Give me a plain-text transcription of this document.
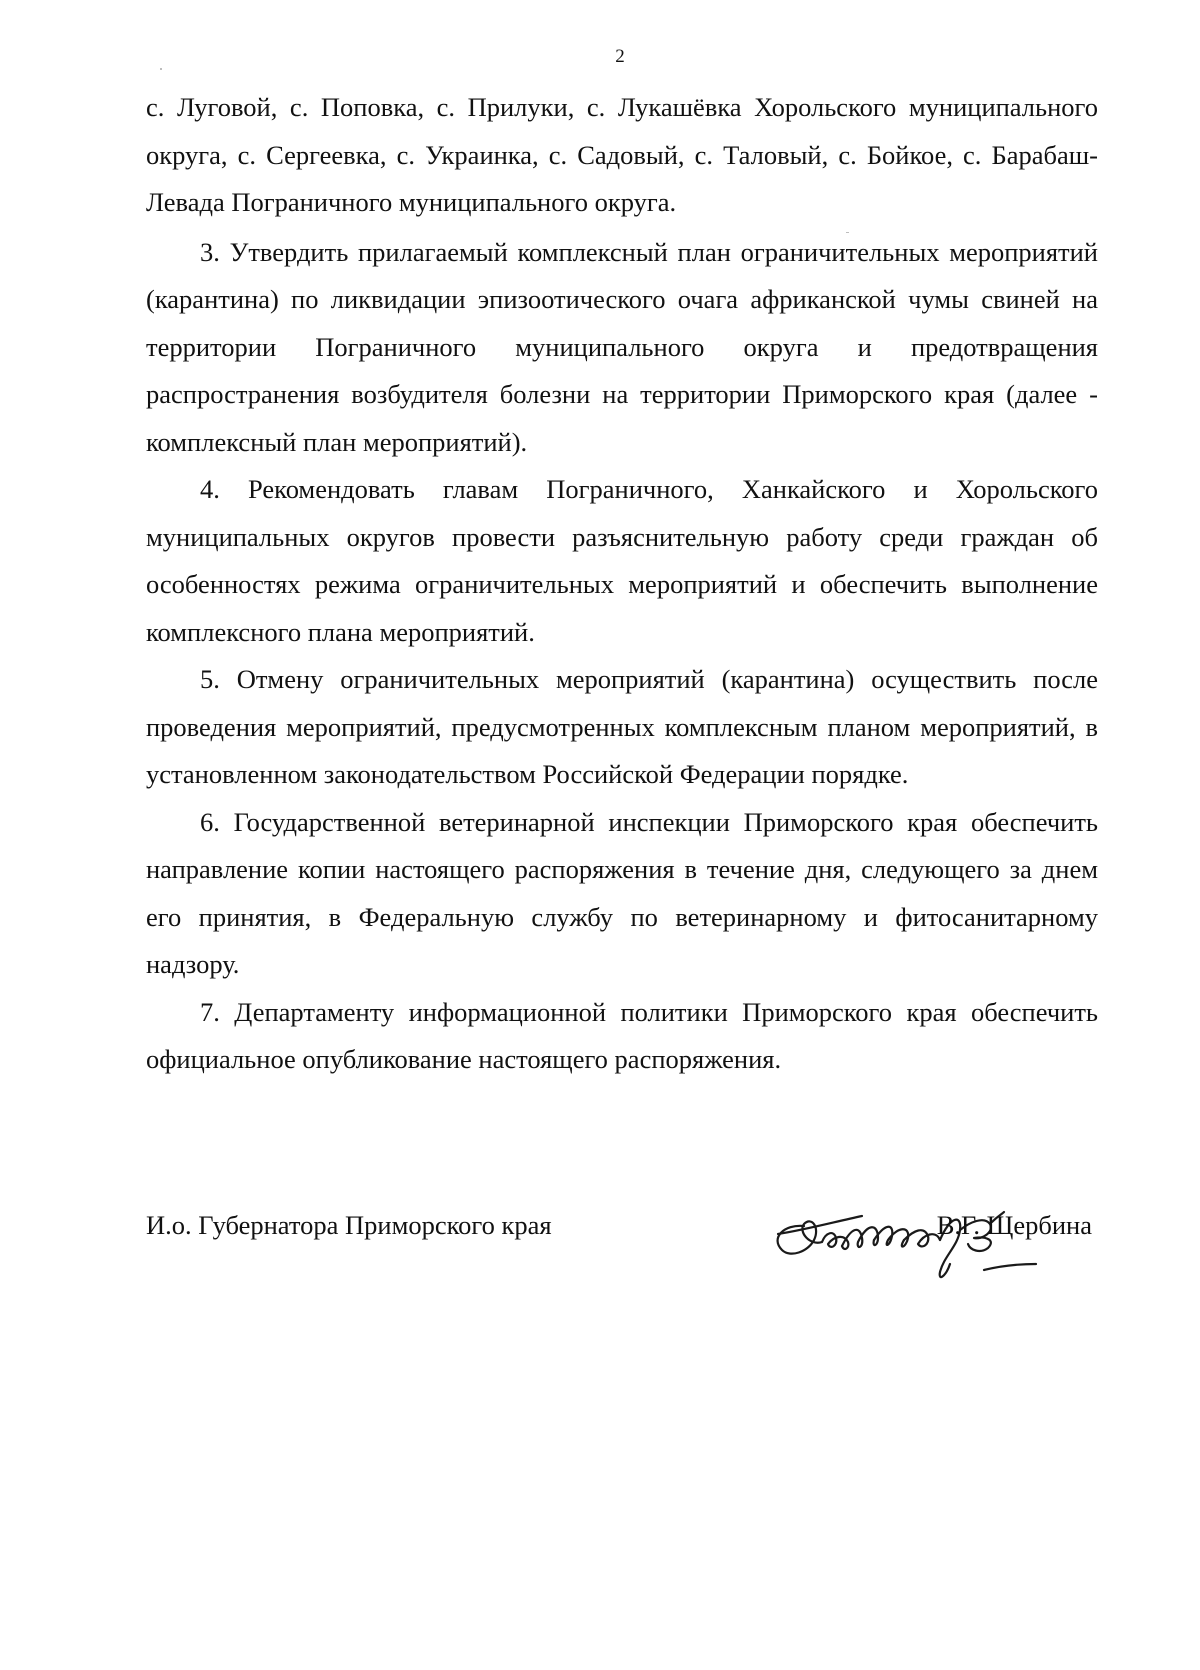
2

с. Луговой, с. Поповка, с. Прилуки, с. Лукашёвка Хорольского муниципального округа, с. Сергеевка, с. Украинка, с. Садовый, с. Таловый, с. Бойкое, с. Барабаш-Левада Пограничного муниципального округа.

3. Утвердить прилагаемый комплексный план ограничительных мероприятий (карантина) по ликвидации эпизоотического очага африканской чумы свиней на территории Пограничного муниципального округа и предотвращения распространения возбудителя болезни на территории Приморского края (далее - комплексный план мероприятий).

4. Рекомендовать главам Пограничного, Ханкайского и Хорольского муниципальных округов провести разъяснительную работу среди граждан об особенностях режима ограничительных мероприятий и обеспечить выполнение комплексного плана мероприятий.

5. Отмену ограничительных мероприятий (карантина) осуществить после проведения мероприятий, предусмотренных комплексным планом мероприятий, в установленном законодательством Российской Федерации порядке.

6. Государственной ветеринарной инспекции Приморского края обеспечить направление копии настоящего распоряжения в течение дня, следующего за днем его принятия, в Федеральную службу по ветеринарному и фитосанитарному надзору.

7. Департаменту информационной политики Приморского края обеспечить официальное опубликование настоящего распоряжения.

И.о. Губернатора Приморского края	В.Г. Щербина
